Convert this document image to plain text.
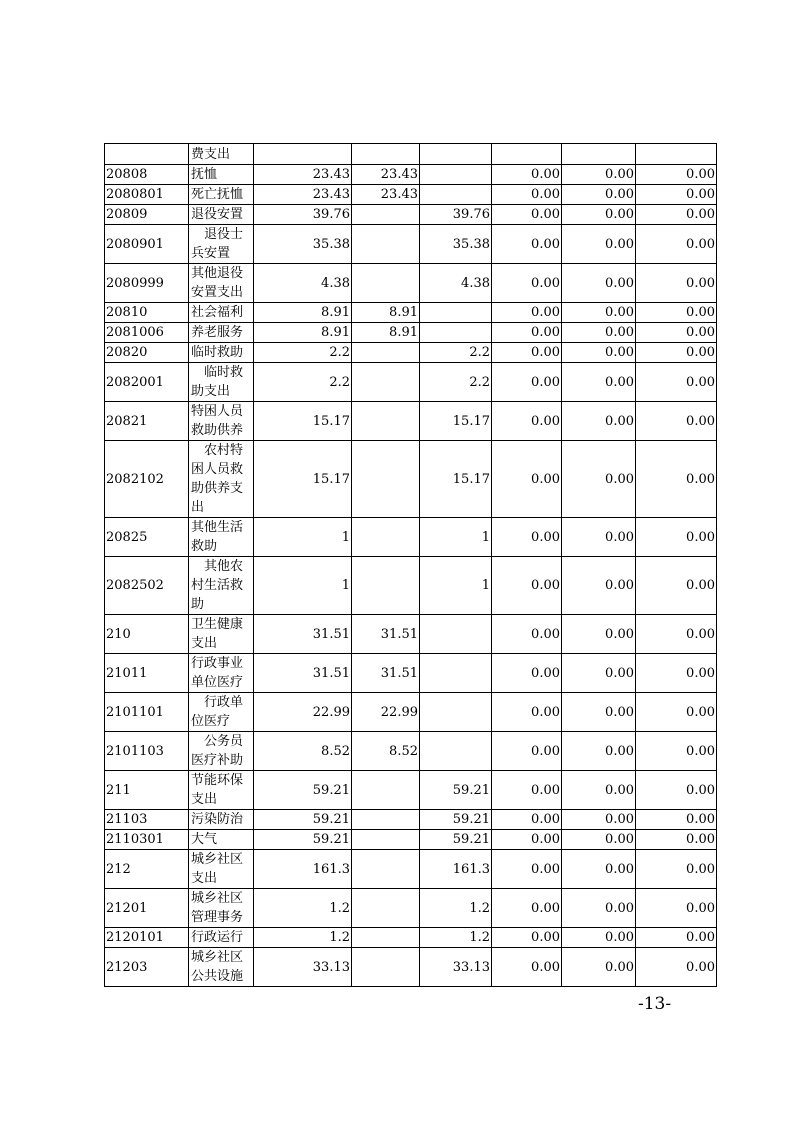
	费支出						
20808	抚恤	23.43	23.43		0.00	0.00	0.00
2080801	死亡抚恤	23.43	23.43		0.00	0.00	0.00
20809	退役安置	39.76		39.76	0.00	0.00	0.00
2080901	　退役士兵安置	35.38		35.38	0.00	0.00	0.00
2080999	其他退役安置支出	4.38		4.38	0.00	0.00	0.00
20810	社会福利	8.91	8.91		0.00	0.00	0.00
2081006	养老服务	8.91	8.91		0.00	0.00	0.00
20820	临时救助	2.2		2.2	0.00	0.00	0.00
2082001	　临时救助支出	2.2		2.2	0.00	0.00	0.00
20821	特困人员救助供养	15.17		15.17	0.00	0.00	0.00
2082102	　农村特困人员救助供养支出	15.17		15.17	0.00	0.00	0.00
20825	其他生活救助	1		1	0.00	0.00	0.00
2082502	　其他农村生活救助	1		1	0.00	0.00	0.00
210	卫生健康支出	31.51	31.51		0.00	0.00	0.00
21011	行政事业单位医疗	31.51	31.51		0.00	0.00	0.00
2101101	　行政单位医疗	22.99	22.99		0.00	0.00	0.00
2101103	　公务员医疗补助	8.52	8.52		0.00	0.00	0.00
211	节能环保支出	59.21		59.21	0.00	0.00	0.00
21103	污染防治	59.21		59.21	0.00	0.00	0.00
2110301	大气	59.21		59.21	0.00	0.00	0.00
212	城乡社区支出	161.3		161.3	0.00	0.00	0.00
21201	城乡社区管理事务	1.2		1.2	0.00	0.00	0.00
2120101	行政运行	1.2		1.2	0.00	0.00	0.00
21203	城乡社区公共设施	33.13		33.13	0.00	0.00	0.00
-13-
